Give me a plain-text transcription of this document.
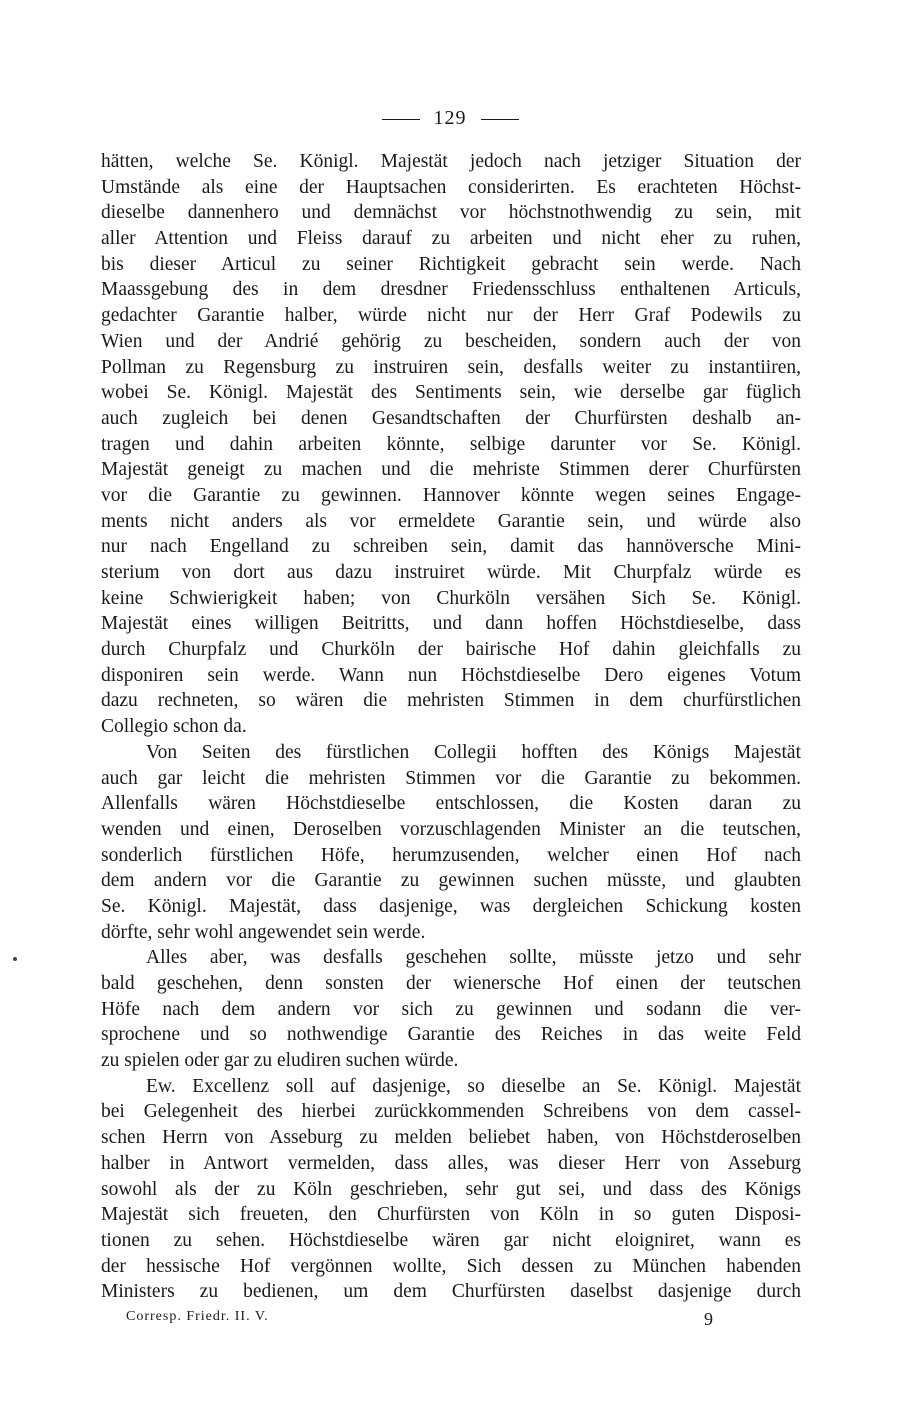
129
hätten, welche Se. Königl. Majestät jedoch nach jetziger Situation der
Umstände als eine der Hauptsachen considerirten. Es erachteten Höchst-
dieselbe dannenhero und demnächst vor höchstnothwendig zu sein, mit
aller Attention und Fleiss darauf zu arbeiten und nicht eher zu ruhen,
bis dieser Articul zu seiner Richtigkeit gebracht sein werde. Nach
Maassgebung des in dem dresdner Friedensschluss enthaltenen Articuls,
gedachter Garantie halber, würde nicht nur der Herr Graf Podewils zu
Wien und der Andrié gehörig zu bescheiden, sondern auch der von
Pollman zu Regensburg zu instruiren sein, desfalls weiter zu instantiiren,
wobei Se. Königl. Majestät des Sentiments sein, wie derselbe gar füglich
auch zugleich bei denen Gesandtschaften der Churfürsten deshalb an-
tragen und dahin arbeiten könnte, selbige darunter vor Se. Königl.
Majestät geneigt zu machen und die mehriste Stimmen derer Churfürsten
vor die Garantie zu gewinnen. Hannover könnte wegen seines Engage-
ments nicht anders als vor ermeldete Garantie sein, und würde also
nur nach Engelland zu schreiben sein, damit das hannöversche Mini-
sterium von dort aus dazu instruiret würde. Mit Churpfalz würde es
keine Schwierigkeit haben; von Churköln versähen Sich Se. Königl.
Majestät eines willigen Beitritts, und dann hoffen Höchstdieselbe, dass
durch Churpfalz und Churköln der bairische Hof dahin gleichfalls zu
disponiren sein werde. Wann nun Höchstdieselbe Dero eigenes Votum
dazu rechneten, so wären die mehristen Stimmen in dem churfürstlichen
Collegio schon da.
Von Seiten des fürstlichen Collegii hofften des Königs Majestät
auch gar leicht die mehristen Stimmen vor die Garantie zu bekommen.
Allenfalls wären Höchstdieselbe entschlossen, die Kosten daran zu
wenden und einen, Deroselben vorzuschlagenden Minister an die teutschen,
sonderlich fürstlichen Höfe, herumzusenden, welcher einen Hof nach
dem andern vor die Garantie zu gewinnen suchen müsste, und glaubten
Se. Königl. Majestät, dass dasjenige, was dergleichen Schickung kosten
dörfte, sehr wohl angewendet sein werde.
Alles aber, was desfalls geschehen sollte, müsste jetzo und sehr
bald geschehen, denn sonsten der wienersche Hof einen der teutschen
Höfe nach dem andern vor sich zu gewinnen und sodann die ver-
sprochene und so nothwendige Garantie des Reiches in das weite Feld
zu spielen oder gar zu eludiren suchen würde.
Ew. Excellenz soll auf dasjenige, so dieselbe an Se. Königl. Majestät
bei Gelegenheit des hierbei zurückkommenden Schreibens von dem cassel-
schen Herrn von Asseburg zu melden beliebet haben, von Höchstderoselben
halber in Antwort vermelden, dass alles, was dieser Herr von Asseburg
sowohl als der zu Köln geschrieben, sehr gut sei, und dass des Königs
Majestät sich freueten, den Churfürsten von Köln in so guten Disposi-
tionen zu sehen. Höchstdieselbe wären gar nicht eloigniret, wann es
der hessische Hof vergönnen wollte, Sich dessen zu München habenden
Ministers zu bedienen, um dem Churfürsten daselbst dasjenige durch
Corresp. Friedr. II. V.	9
